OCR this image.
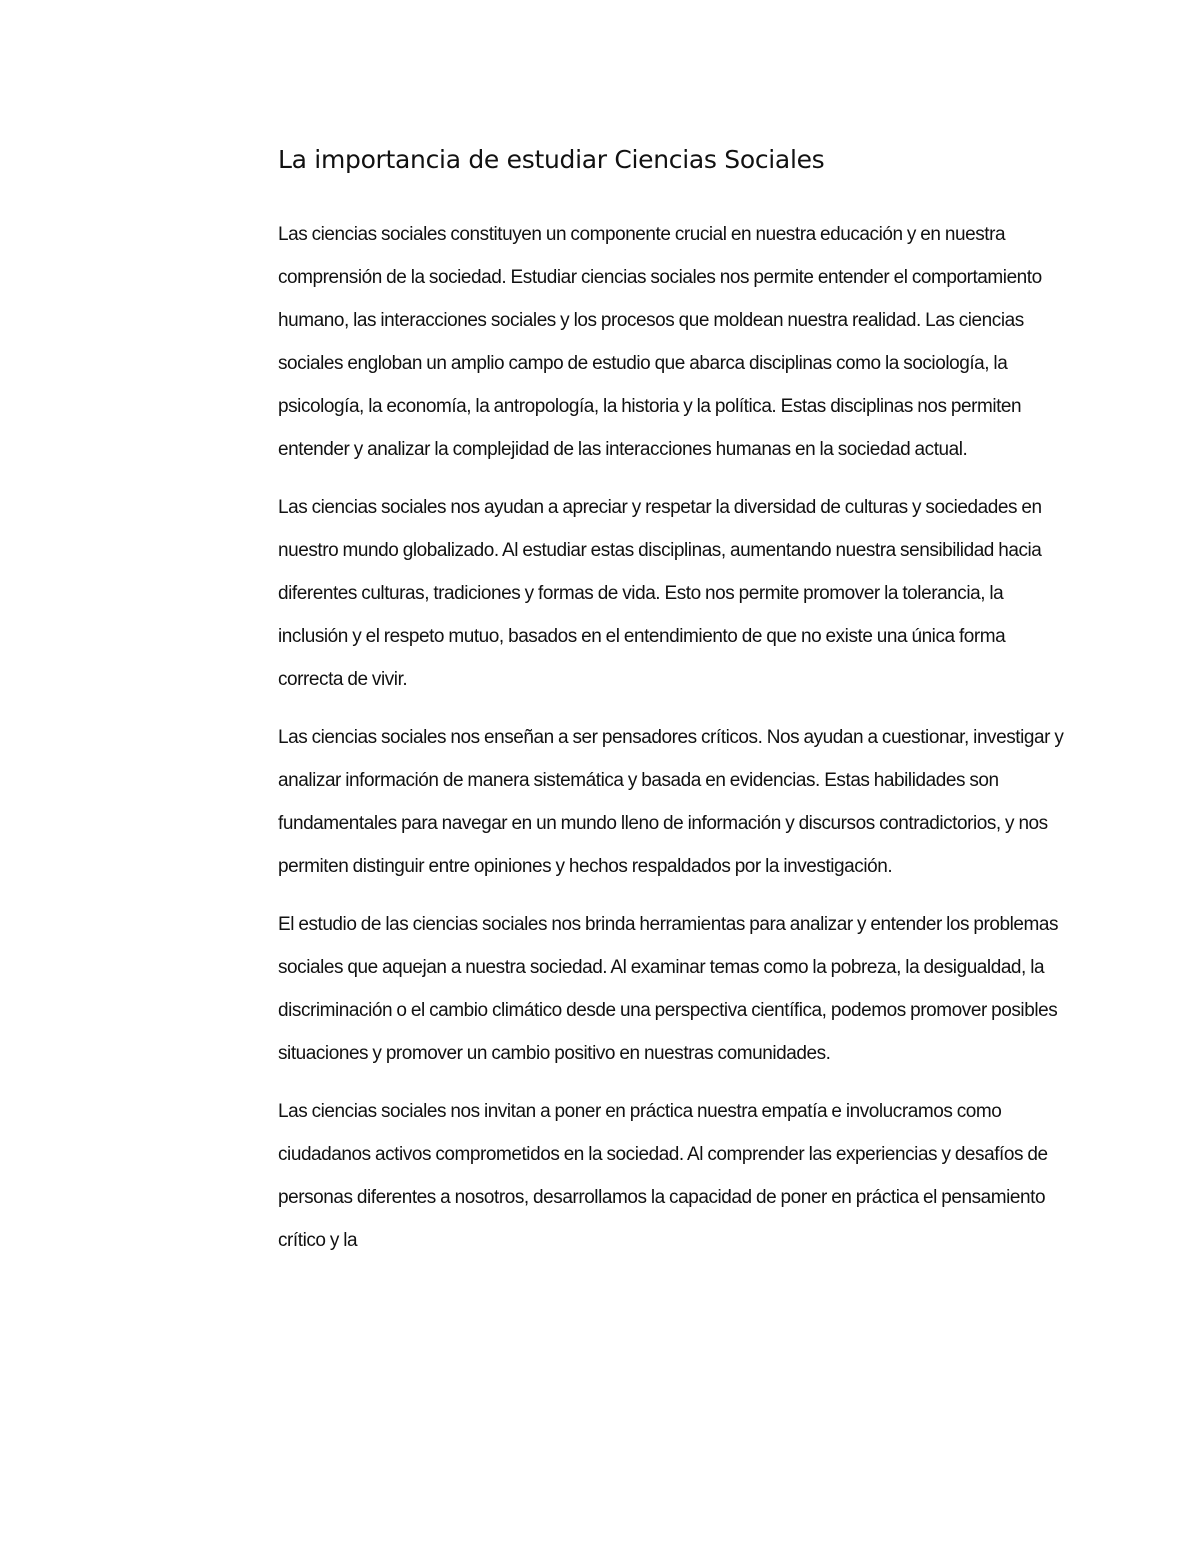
La importancia de estudiar Ciencias Sociales

Las ciencias sociales constituyen un componente crucial en nuestra educación y en nuestra comprensión de la sociedad. Estudiar ciencias sociales nos permite entender el comportamiento humano, las interacciones sociales y los procesos que moldean nuestra realidad. Las ciencias sociales engloban un amplio campo de estudio que abarca disciplinas como la sociología, la psicología, la economía, la antropología, la historia y la política. Estas disciplinas nos permiten entender y analizar la complejidad de las interacciones humanas en la sociedad actual.

Las ciencias sociales nos ayudan a apreciar y respetar la diversidad de culturas y sociedades en nuestro mundo globalizado. Al estudiar estas disciplinas, aumentando nuestra sensibilidad hacia diferentes culturas, tradiciones y formas de vida. Esto nos permite promover la tolerancia, la inclusión y el respeto mutuo, basados en el entendimiento de que no existe una única forma correcta de vivir.

Las ciencias sociales nos enseñan a ser pensadores críticos. Nos ayudan a cuestionar, investigar y analizar información de manera sistemática y basada en evidencias. Estas habilidades son fundamentales para navegar en un mundo lleno de información y discursos contradictorios, y nos permiten distinguir entre opiniones y hechos respaldados por la investigación.

El estudio de las ciencias sociales nos brinda herramientas para analizar y entender los problemas sociales que aquejan a nuestra sociedad. Al examinar temas como la pobreza, la desigualdad, la discriminación o el cambio climático desde una perspectiva científica, podemos promover posibles situaciones y promover un cambio positivo en nuestras comunidades.

Las ciencias sociales nos invitan a poner en práctica nuestra empatía e involucramos como ciudadanos activos comprometidos en la sociedad. Al comprender las experiencias y desafíos de personas diferentes a nosotros, desarrollamos la capacidad de poner en práctica el pensamiento crítico y la
